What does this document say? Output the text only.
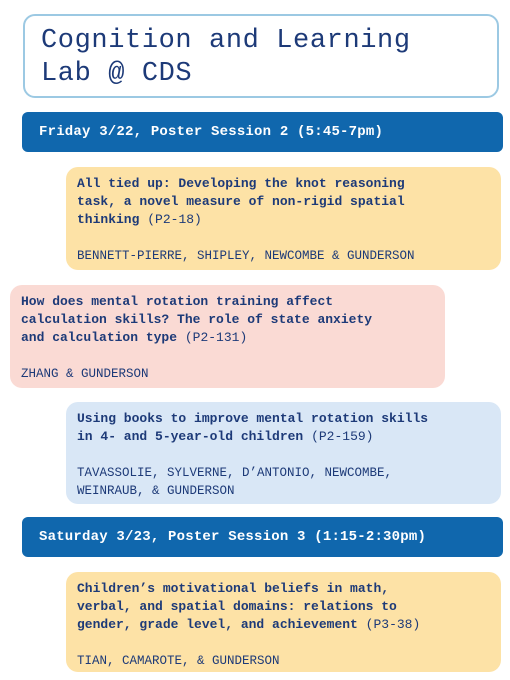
Cognition and Learning
Lab @ CDS
Friday 3/22, Poster Session 2 (5:45-7pm)
All tied up: Developing the knot reasoning
task, a novel measure of non-rigid spatial
thinking (P2-18)
BENNETT-PIERRE, SHIPLEY, NEWCOMBE & GUNDERSON
How does mental rotation training affect
calculation skills? The role of state anxiety
and calculation type (P2-131)
ZHANG & GUNDERSON
Using books to improve mental rotation skills
in 4- and 5-year-old children (P2-159)
TAVASSOLIE, SYLVERNE, D’ANTONIO, NEWCOMBE,
WEINRAUB, & GUNDERSON
Saturday 3/23, Poster Session 3 (1:15-2:30pm)
Children’s motivational beliefs in math,
verbal, and spatial domains: relations to
gender, grade level, and achievement (P3-38)
TIAN, CAMAROTE, & GUNDERSON
